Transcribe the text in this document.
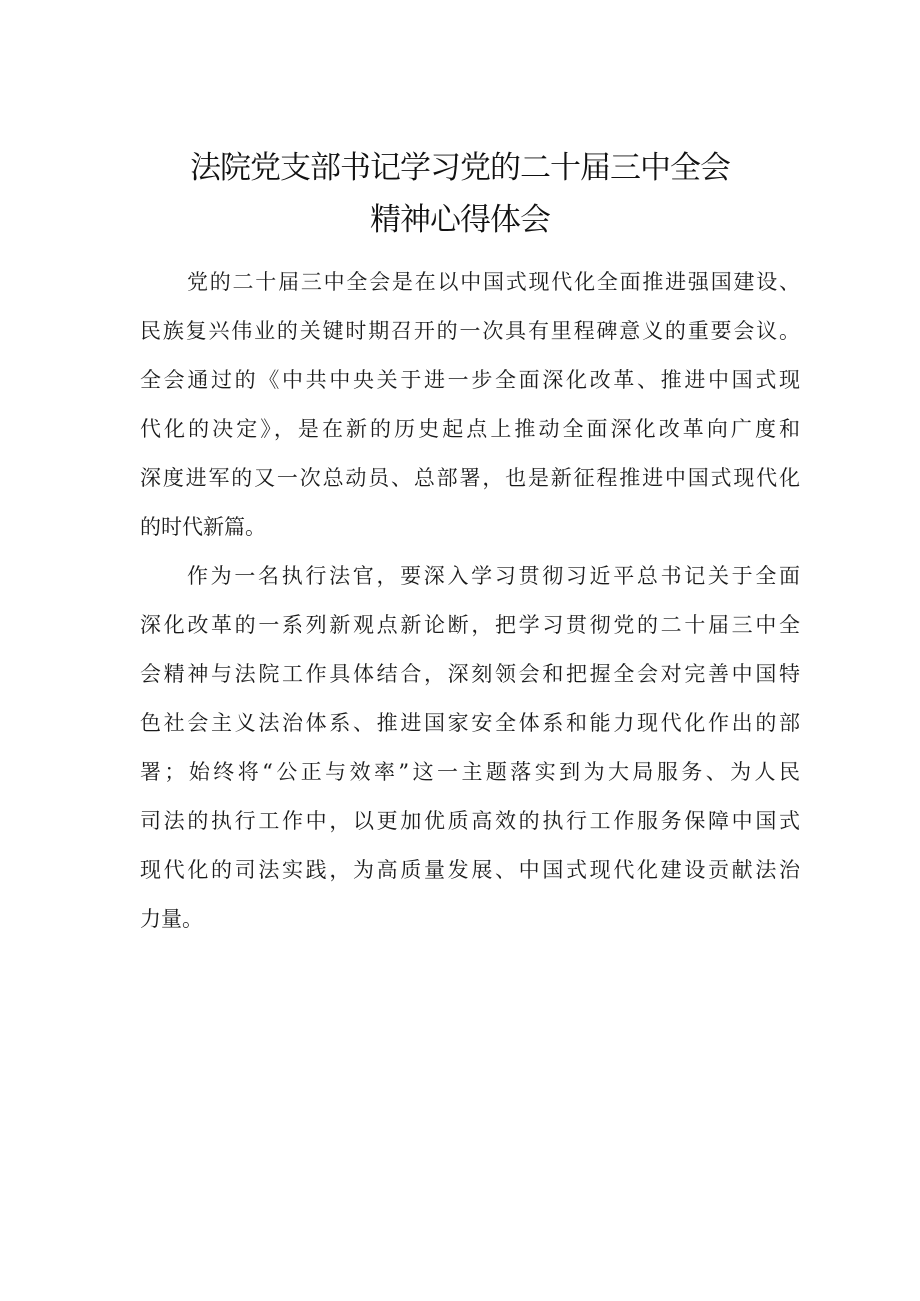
法院党支部书记学习党的二十届三中全会
精神心得体会
党的二十届三中全会是在以中国式现代化全面推进强国建设、
民族复兴伟业的关键时期召开的一次具有里程碑意义的重要会议。
全会通过的《中共中央关于进一步全面深化改革、推进中国式现
代化的决定》，是在新的历史起点上推动全面深化改革向广度和
深度进军的又一次总动员、总部署，也是新征程推进中国式现代化
的时代新篇。
作为一名执行法官，要深入学习贯彻习近平总书记关于全面
深化改革的一系列新观点新论断，把学习贯彻党的二十届三中全
会精神与法院工作具体结合，深刻领会和把握全会对完善中国特
色社会主义法治体系、推进国家安全体系和能力现代化作出的部
署；始终将“公正与效率”这一主题落实到为大局服务、为人民
司法的执行工作中，以更加优质高效的执行工作服务保障中国式
现代化的司法实践，为高质量发展、中国式现代化建设贡献法治
力量。
